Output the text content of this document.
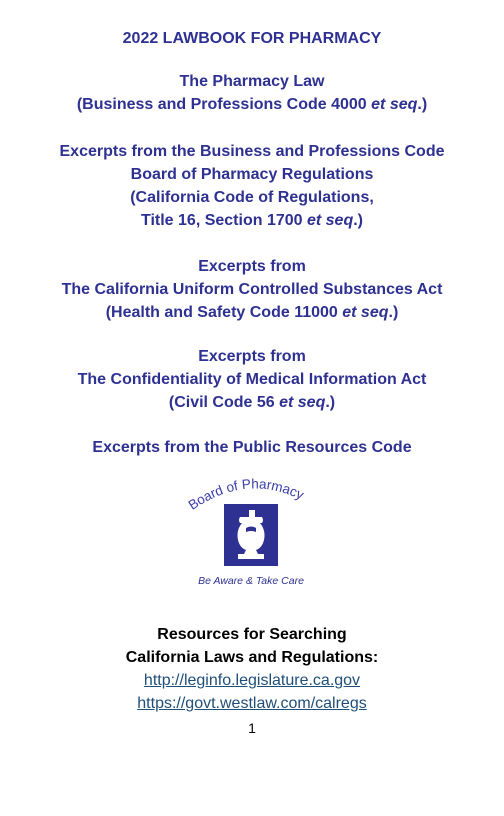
2022 LAWBOOK FOR PHARMACY
The Pharmacy Law
(Business and Professions Code 4000 et seq.)
Excerpts from the Business and Professions Code
Board of Pharmacy Regulations
(California Code of Regulations,
Title 16, Section 1700 et seq.)
Excerpts from
The California Uniform Controlled Substances Act
(Health and Safety Code 11000 et seq.)
Excerpts from
The Confidentiality of Medical Information Act
(Civil Code 56 et seq.)
Excerpts from the Public Resources Code
Board of Pharmacy
Be Aware & Take Care
Resources for Searching
California Laws and Regulations:
http://leginfo.legislature.ca.gov
https://govt.westlaw.com/calregs
1
